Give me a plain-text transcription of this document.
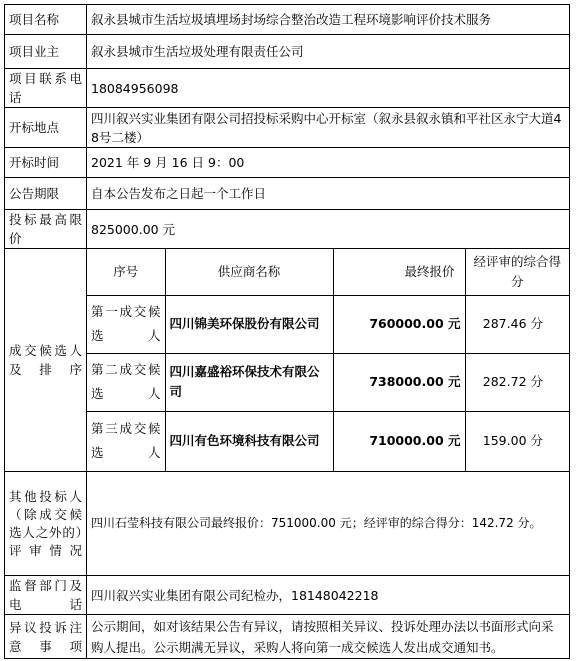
项目名称	叙永县城市生活垃圾填埋场封场综合整治改造工程环境影响评价技术服务
项目业主	叙永县城市生活垃圾处理有限责任公司
项目联系电话	18084956098
开标地点	四川叙兴实业集团有限公司招投标采购中心开标室（叙永县叙永镇和平社区永宁大道48号二楼）
开标时间	2021 年 9 月 16 日 9：00
公告期限	自本公告发布之日起一个工作日
投标最高限价	825000.00 元
成交候选人及排序	
序号	供应商名称	最终报价	经评审的综合得分
第一成交候选人	四川锦美环保股份有限公司	760000.00 元	287.46 分
第二成交候选人	四川嘉盛裕环保技术有限公司	738000.00 元	282.72 分
第三成交候选人	四川有色环境科技有限公司	710000.00 元	159.00 分

其他投标人（除成交候选人之外的）评审情况	四川石莹科技有限公司最终报价：751000.00 元；经评审的综合得分：142.72 分。
监督部门及电话	四川叙兴实业集团有限公司纪检办，18148042218
异议投诉注意事项	公示期间，如对该结果公告有异议，请按照相关异议、投诉处理办法以书面形式向采购人提出。公示期满无异议，采购人将向第一成交候选人发出成交通知书。
